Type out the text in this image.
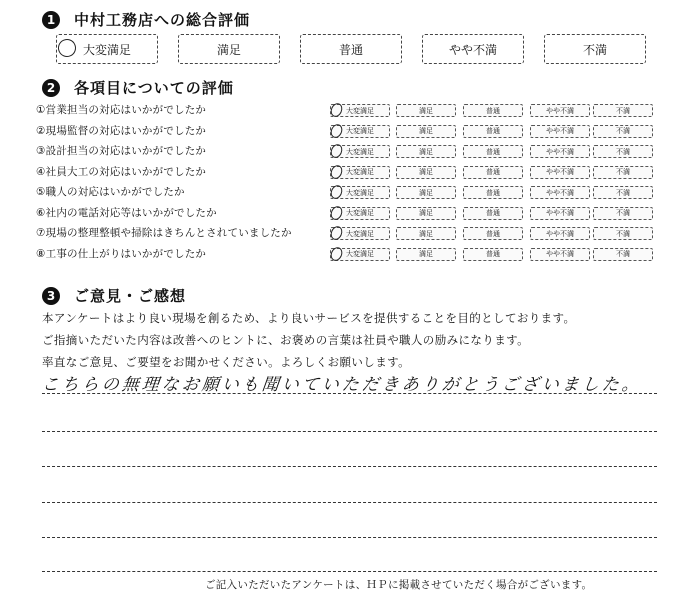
1	中村工務店への総合評価
大変満足	満足	普通	やや不満	不満
2	各項目についての評価
①営業担当の対応はいかがでしたか	大変満足	満足	普通	やや不満	不満
②現場監督の対応はいかがでしたか	大変満足	満足	普通	やや不満	不満
③設計担当の対応はいかがでしたか	大変満足	満足	普通	やや不満	不満
④社員大工の対応はいかがでしたか	大変満足	満足	普通	やや不満	不満
⑤職人の対応はいかがでしたか	大変満足	満足	普通	やや不満	不満
⑥社内の電話対応等はいかがでしたか	大変満足	満足	普通	やや不満	不満
⑦現場の整理整頓や掃除はきちんとされていましたか	大変満足	満足	普通	やや不満	不満
⑧工事の仕上がりはいかがでしたか	大変満足	満足	普通	やや不満	不満
3	ご意見・ご感想
本アンケートはより良い現場を創るため、より良いサービスを提供することを目的としております。
ご指摘いただいた内容は改善へのヒントに、お褒めの言葉は社員や職人の励みになります。
率直なご意見、ご要望をお聞かせください。よろしくお願いします。
こちらの無理なお願いも聞いていただきありがとうございました。
ご記入いただいたアンケートは、ＨＰに掲載させていただく場合がございます。
